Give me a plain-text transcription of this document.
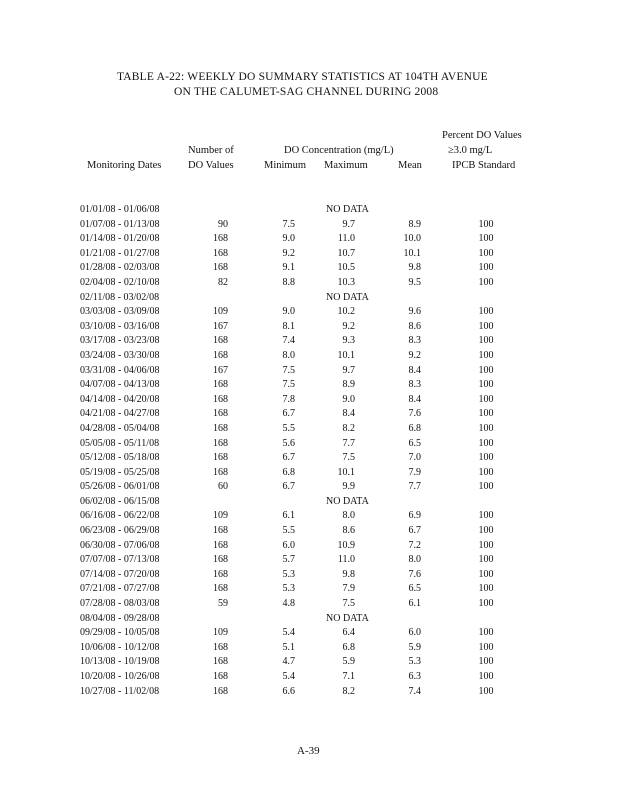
TABLE A-22: WEEKLY DO SUMMARY STATISTICS AT 104TH AVENUE
ON THE CALUMET-SAG CHANNEL DURING 2008
Percent DO Values
Number of	DO Concentration (mg/L)	≥3.0 mg/L
Monitoring Dates	DO Values	Minimum Maximum	Mean	IPCB Standard
01/01/08 - 01/06/08	NO DATA
01/07/08 - 01/13/08	90	7.5	9.7	8.9	100
01/14/08 - 01/20/08	168	9.0	11.0	10.0	100
01/21/08 - 01/27/08	168	9.2	10.7	10.1	100
01/28/08 - 02/03/08	168	9.1	10.5	9.8	100
02/04/08 - 02/10/08	82	8.8	10.3	9.5	100
02/11/08 - 03/02/08	NO DATA
03/03/08 - 03/09/08	109	9.0	10.2	9.6	100
03/10/08 - 03/16/08	167	8.1	9.2	8.6	100
03/17/08 - 03/23/08	168	7.4	9.3	8.3	100
03/24/08 - 03/30/08	168	8.0	10.1	9.2	100
03/31/08 - 04/06/08	167	7.5	9.7	8.4	100
04/07/08 - 04/13/08	168	7.5	8.9	8.3	100
04/14/08 - 04/20/08	168	7.8	9.0	8.4	100
04/21/08 - 04/27/08	168	6.7	8.4	7.6	100
04/28/08 - 05/04/08	168	5.5	8.2	6.8	100
05/05/08 - 05/11/08	168	5.6	7.7	6.5	100
05/12/08 - 05/18/08	168	6.7	7.5	7.0	100
05/19/08 - 05/25/08	168	6.8	10.1	7.9	100
05/26/08 - 06/01/08	60	6.7	9.9	7.7	100
06/02/08 - 06/15/08	NO DATA
06/16/08 - 06/22/08	109	6.1	8.0	6.9	100
06/23/08 - 06/29/08	168	5.5	8.6	6.7	100
06/30/08 - 07/06/08	168	6.0	10.9	7.2	100
07/07/08 - 07/13/08	168	5.7	11.0	8.0	100
07/14/08 - 07/20/08	168	5.3	9.8	7.6	100
07/21/08 - 07/27/08	168	5.3	7.9	6.5	100
07/28/08 - 08/03/08	59	4.8	7.5	6.1	100
08/04/08 - 09/28/08	NO DATA
09/29/08 - 10/05/08	109	5.4	6.4	6.0	100
10/06/08 - 10/12/08	168	5.1	6.8	5.9	100
10/13/08 - 10/19/08	168	4.7	5.9	5.3	100
10/20/08 - 10/26/08	168	5.4	7.1	6.3	100
10/27/08 - 11/02/08	168	6.6	8.2	7.4	100
A-39
